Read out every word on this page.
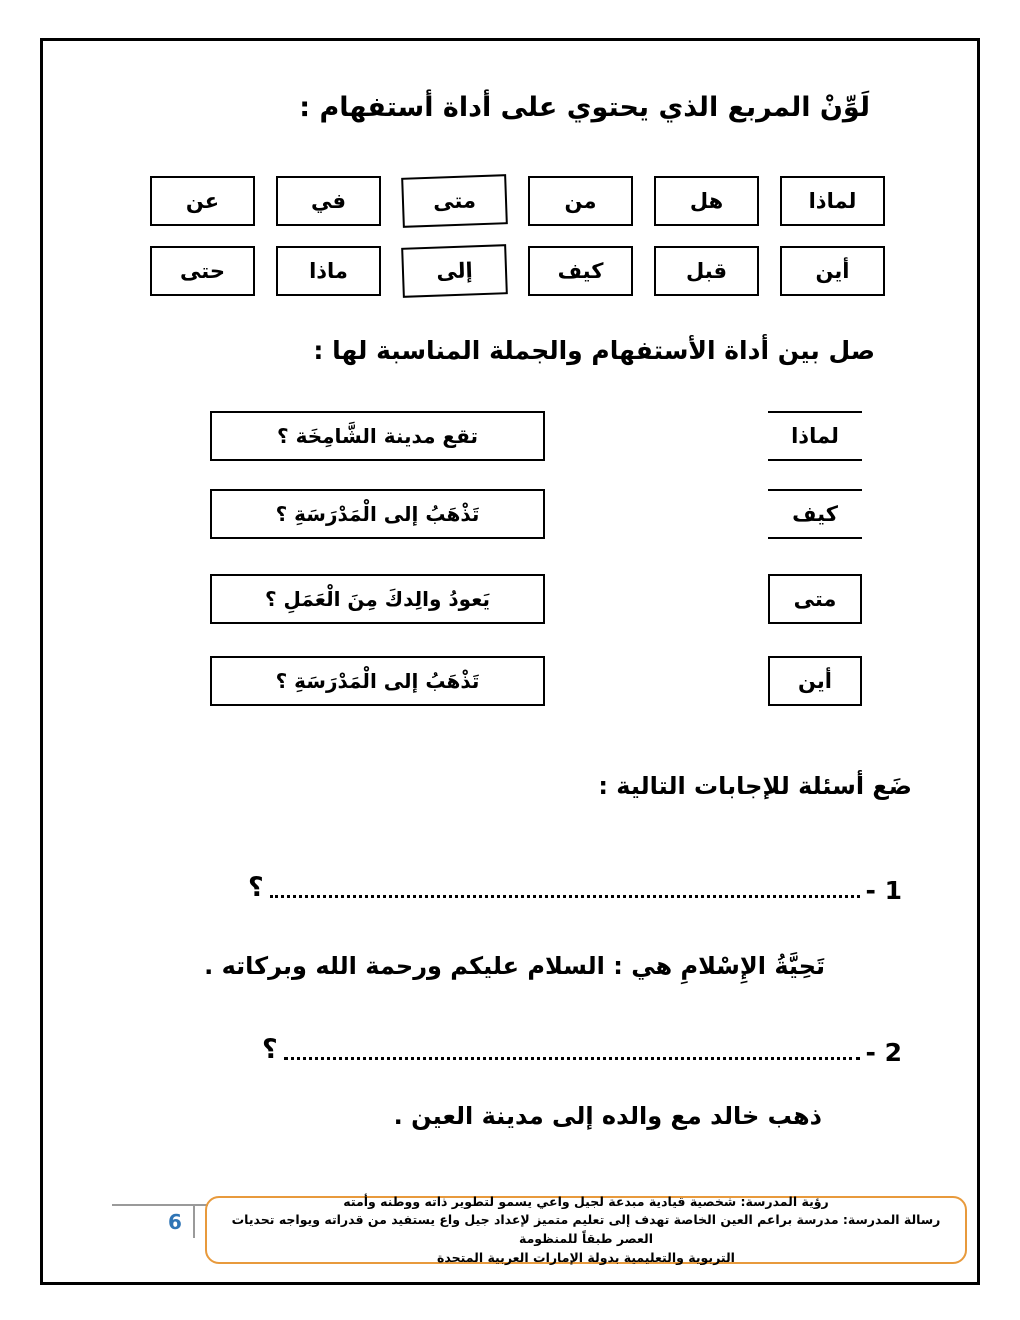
لَوِّنْ المربع الذي يحتوي على أداة أستفهام :
لماذا
هل
من
متى
في
عن
أين
قبل
كيف
إلى
ماذا
حتى
صل بين أداة الأستفهام والجملة المناسبة لها :
تقع مدينة الشَّامِخَة ؟	لماذا
تَذْهَبُ إلى الْمَدْرَسَةِ ؟	كيف
يَعودُ والِدكَ مِنَ الْعَمَلِ ؟	متى
تَذْهَبُ إلى الْمَدْرَسَةِ ؟	أين
ضَع أسئلة للإجابات التالية :
- 1
؟
تَحِيَّةُ الإِسْلامِ هي : السلام عليكم ورحمة الله وبركاته .
- 2
؟
ذهب خالد مع والده إلى مدينة العين .
6
رؤية المدرسة: شخصية قيادية مبدعة لجيل واعي يسمو لتطوير ذاته ووطنه وأمته
رسالة المدرسة: مدرسة براعم العين الخاصة تهدف إلى تعليم متميز لإعداد جيل واع يستفيد من قدراته ويواجه تحديات العصر طبقاً للمنظومة
التربوية والتعليمية بدولة الإمارات العربية المتحدة
